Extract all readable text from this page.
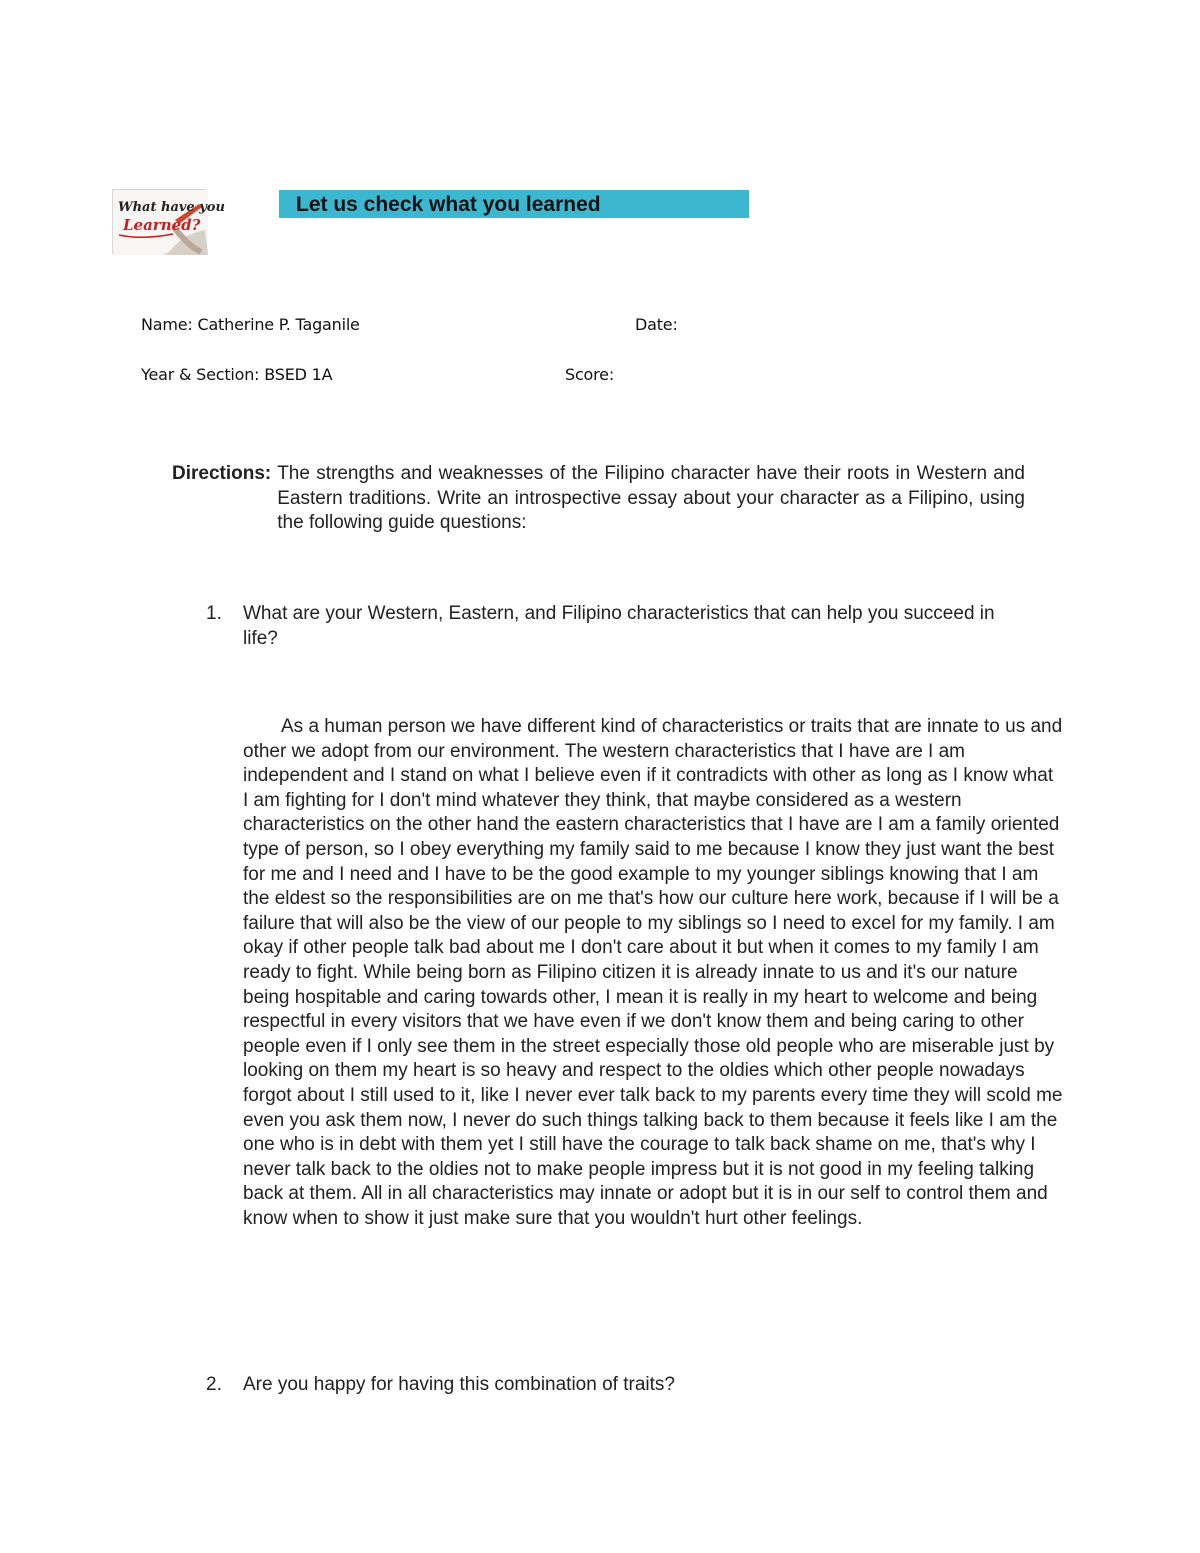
What have you
Learned?
Let us check what you learned
Name: Catherine P. Taganile	Date:
Year & Section: BSED 1A	Score:
Directions: The strengths and weaknesses of the Filipino character have their roots in Western and Eastern traditions. Write an introspective essay about your character as a Filipino, using the following guide questions:
1. What are your Western, Eastern, and Filipino characteristics that can help you succeed in life?
As a human person we have different kind of characteristics or traits that are innate to us and other we adopt from our environment. The western characteristics that I have are I am independent and I stand on what I believe even if it contradicts with other as long as I know what I am fighting for I don't mind whatever they think, that maybe considered as a western characteristics on the other hand the eastern characteristics that I have are I am a family oriented type of person, so I obey everything my family said to me because I know they just want the best for me and I need and I have to be the good example to my younger siblings knowing that I am the eldest so the responsibilities are on me that's how our culture here work, because if I will be a failure that will also be the view of our people to my siblings so I need to excel for my family. I am okay if other people talk bad about me I don't care about it but when it comes to my family I am ready to fight. While being born as Filipino citizen it is already innate to us and it's our nature being hospitable and caring towards other, I mean it is really in my heart to welcome and being respectful in every visitors that we have even if we don't know them and being caring to other people even if I only see them in the street especially those old people who are miserable just by looking on them my heart is so heavy and respect to the oldies which other people nowadays forgot about I still used to it, like I never ever talk back to my parents every time they will scold me even you ask them now, I never do such things talking back to them because it feels like I am the one who is in debt with them yet I still have the courage to talk back shame on me, that's why I never talk back to the oldies not to make people impress but it is not good in my feeling talking back at them. All in all characteristics may innate or adopt but it is in our self to control them and know when to show it just make sure that you wouldn't hurt other feelings.
2. Are you happy for having this combination of traits?
